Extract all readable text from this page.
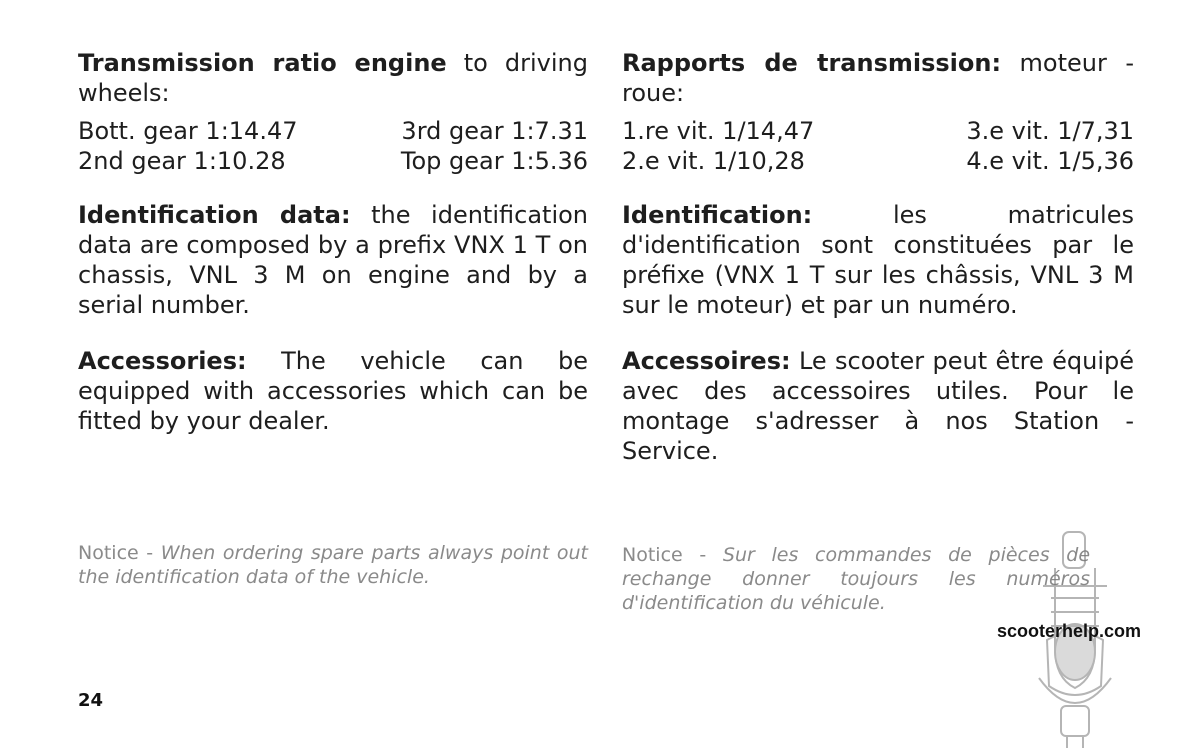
Transmission ratio engine to driving wheels:
Bott. gear 1:14.47	3rd gear 1:7.31
2nd gear 1:10.28	Top gear 1:5.36
Identification data: the identification data are composed by a prefix VNX 1 T on chassis, VNL 3 M on engine and by a serial number.
Accessories: The vehicle can be equipped with accessories which can be fitted by your dealer.
Notice - When ordering spare parts always point out the identification data of the vehicle.
Rapports de transmission: moteur - roue:
1.re vit. 1/14,47	3.e vit. 1/7,31
2.e vit. 1/10,28	4.e vit. 1/5,36
Identification: les matricules d'identification sont constituées par le préfixe (VNX 1 T sur les châssis, VNL 3 M sur le moteur) et par un numéro.
Accessoires: Le scooter peut être équipé avec des accessoires utiles. Pour le montage s'adresser à nos Station - Service.
Notice - Sur les commandes de pièces de rechange donner toujours les numéros d'identification du véhicule.
scooterhelp.com
24
